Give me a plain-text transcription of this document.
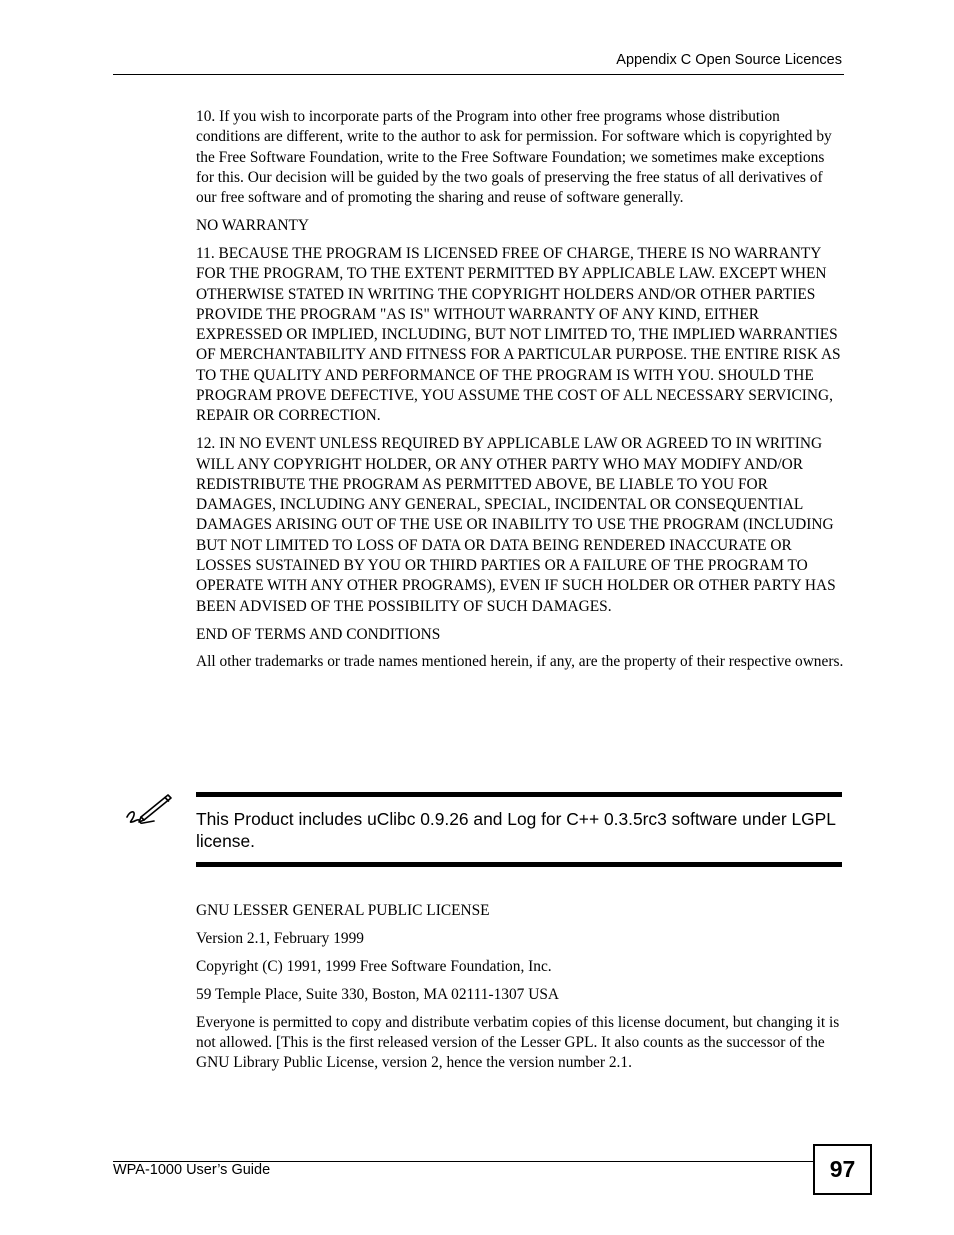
Appendix C Open Source Licences

10. If you wish to incorporate parts of the Program into other free programs whose distribution conditions are different, write to the author to ask for permission. For software which is copyrighted by the Free Software Foundation, write to the Free Software Foundation; we sometimes make exceptions for this. Our decision will be guided by the two goals of preserving the free status of all derivatives of our free software and of promoting the sharing and reuse of software generally.

NO WARRANTY

11. BECAUSE THE PROGRAM IS LICENSED FREE OF CHARGE, THERE IS NO WARRANTY FOR THE PROGRAM, TO THE EXTENT PERMITTED BY APPLICABLE LAW. EXCEPT WHEN OTHERWISE STATED IN WRITING THE COPYRIGHT HOLDERS AND/OR OTHER PARTIES PROVIDE THE PROGRAM "AS IS" WITHOUT WARRANTY OF ANY KIND, EITHER EXPRESSED OR IMPLIED, INCLUDING, BUT NOT LIMITED TO, THE IMPLIED WARRANTIES OF MERCHANTABILITY AND FITNESS FOR A PARTICULAR PURPOSE. THE ENTIRE RISK AS TO THE QUALITY AND PERFORMANCE OF THE PROGRAM IS WITH YOU. SHOULD THE PROGRAM PROVE DEFECTIVE, YOU ASSUME THE COST OF ALL NECESSARY SERVICING, REPAIR OR CORRECTION.

12. IN NO EVENT UNLESS REQUIRED BY APPLICABLE LAW OR AGREED TO IN WRITING WILL ANY COPYRIGHT HOLDER, OR ANY OTHER PARTY WHO MAY MODIFY AND/OR REDISTRIBUTE THE PROGRAM AS PERMITTED ABOVE, BE LIABLE TO YOU FOR DAMAGES, INCLUDING ANY GENERAL, SPECIAL, INCIDENTAL OR CONSEQUENTIAL DAMAGES ARISING OUT OF THE USE OR INABILITY TO USE THE PROGRAM (INCLUDING BUT NOT LIMITED TO LOSS OF DATA OR DATA BEING RENDERED INACCURATE OR LOSSES SUSTAINED BY YOU OR THIRD PARTIES OR A FAILURE OF THE PROGRAM TO OPERATE WITH ANY OTHER PROGRAMS), EVEN IF SUCH HOLDER OR OTHER PARTY HAS BEEN ADVISED OF THE POSSIBILITY OF SUCH DAMAGES.

END OF TERMS AND CONDITIONS

All other trademarks or trade names mentioned herein, if any, are the property of their respective owners.

This Product includes uClibc 0.9.26 and Log for C++ 0.3.5rc3 software under LGPL license.

GNU LESSER GENERAL PUBLIC LICENSE

Version 2.1, February 1999

Copyright (C) 1991, 1999 Free Software Foundation, Inc.

59 Temple Place, Suite 330, Boston, MA 02111-1307 USA

Everyone is permitted to copy and distribute verbatim copies of this license document, but changing it is not allowed. [This is the first released version of the Lesser GPL. It also counts as the successor of the GNU Library Public License, version 2, hence the version number 2.1.

WPA-1000 User’s Guide	97
